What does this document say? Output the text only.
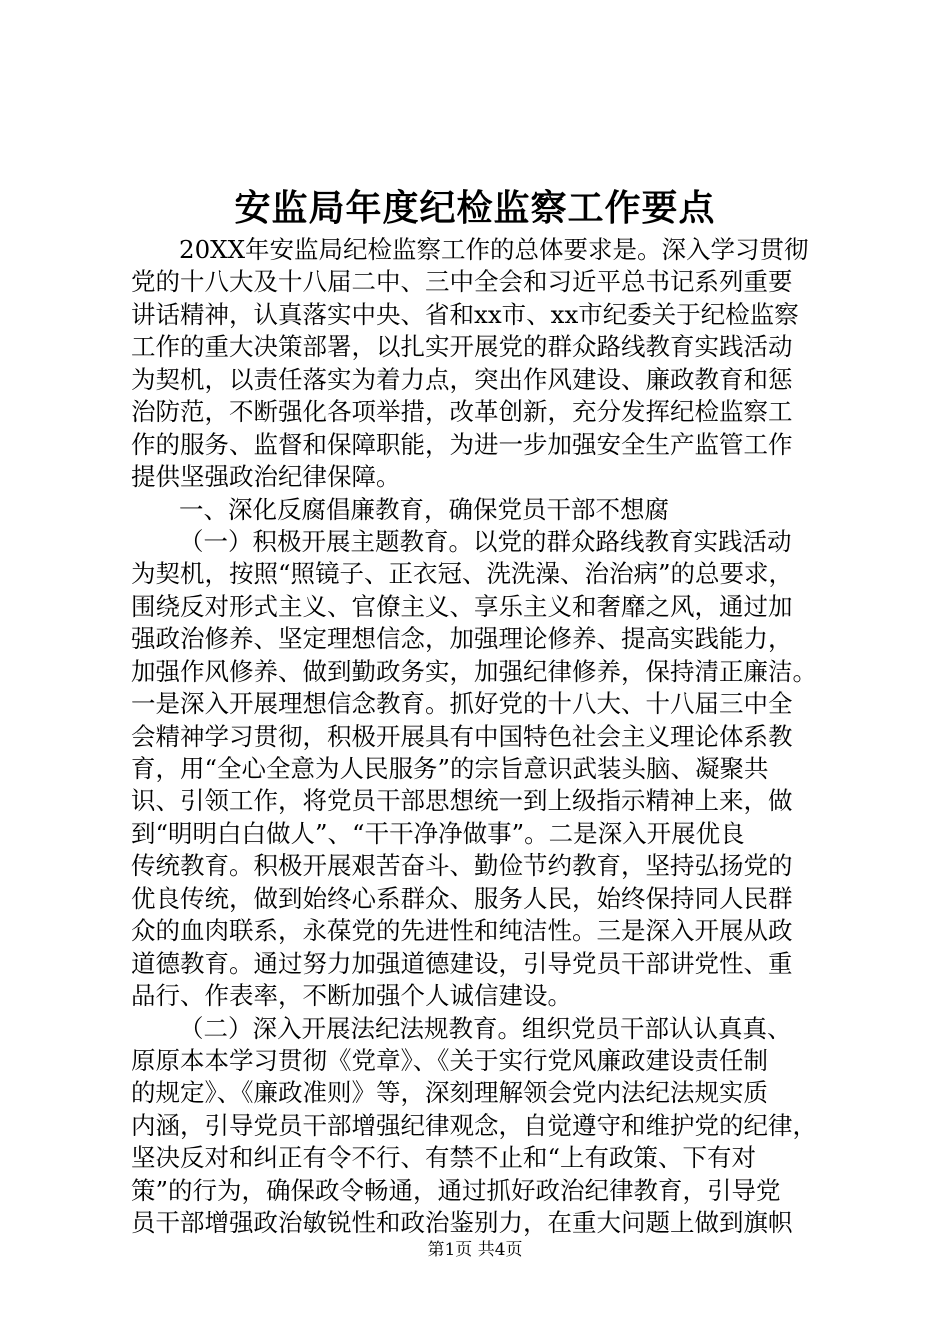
安监局年度纪检监察工作要点
20XX年安监局纪检监察工作的总体要求是。深入学习贯彻
党的十八大及十八届二中、三中全会和习近平总书记系列重要
讲话精神，认真落实中央、省和xx市、xx市纪委关于纪检监察
工作的重大决策部署，以扎实开展党的群众路线教育实践活动
为契机，以责任落实为着力点，突出作风建设、廉政教育和惩
治防范，不断强化各项举措，改革创新，充分发挥纪检监察工
作的服务、监督和保障职能，为进一步加强安全生产监管工作
提供坚强政治纪律保障。
一、深化反腐倡廉教育，确保党员干部不想腐
（一）积极开展主题教育。以党的群众路线教育实践活动
为契机，按照“照镜子、正衣冠、洗洗澡、治治病”的总要求，
围绕反对形式主义、官僚主义、享乐主义和奢靡之风，通过加
强政治修养、坚定理想信念，加强理论修养、提高实践能力，
加强作风修养、做到勤政务实，加强纪律修养，保持清正廉洁。
一是深入开展理想信念教育。抓好党的十八大、十八届三中全
会精神学习贯彻，积极开展具有中国特色社会主义理论体系教
育，用“全心全意为人民服务”的宗旨意识武装头脑、凝聚共
识、引领工作，将党员干部思想统一到上级指示精神上来，做
到“明明白白做人”、“干干净净做事”。二是深入开展优良
传统教育。积极开展艰苦奋斗、勤俭节约教育，坚持弘扬党的
优良传统，做到始终心系群众、服务人民，始终保持同人民群
众的血肉联系，永葆党的先进性和纯洁性。三是深入开展从政
道德教育。通过努力加强道德建设，引导党员干部讲党性、重
品行、作表率，不断加强个人诚信建设。
（二）深入开展法纪法规教育。组织党员干部认认真真、
原原本本学习贯彻《党章》、《关于实行党风廉政建设责任制
的规定》、《廉政准则》等，深刻理解领会党内法纪法规实质
内涵，引导党员干部增强纪律观念，自觉遵守和维护党的纪律，
坚决反对和纠正有令不行、有禁不止和“上有政策、下有对
策”的行为，确保政令畅通，通过抓好政治纪律教育，引导党
员干部增强政治敏锐性和政治鉴别力，在重大问题上做到旗帜
第1页 共4页
